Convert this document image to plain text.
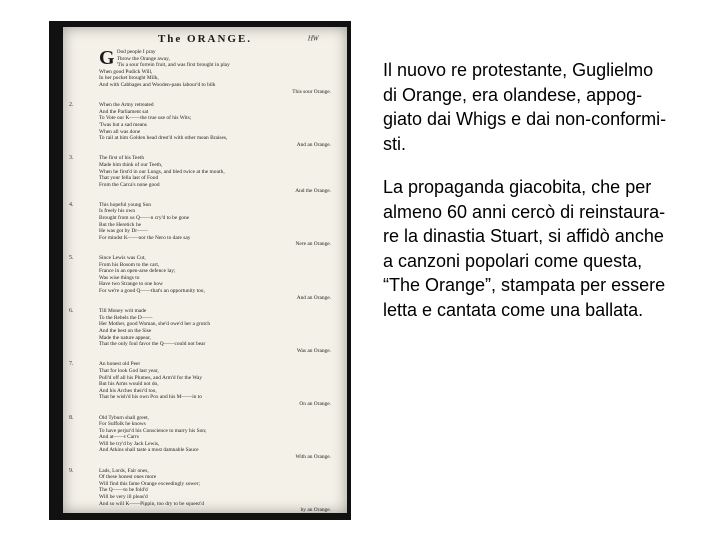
The ORANGE.	ᴴᵂ
G Ood people I pray
Throw the Orange away,
'Tis a sour forrein fruit, and was first brought in play
When good Pudick Will,
In her pocket brought Milk,
And with Cabbages and Wooden-pans labour'd to bilk
This sour Orange.
2.	When the Army retreated
And the Parliament sat
To Vote our K——the true use of his Wits;
'Twas but a sad means
When all was done
To rail at him Golden head drest'd with other mean Braises,
And an Orange.
3.	The first of his Teeth
Made him think of our Teeth,
When he first'd in our Lungs, and bled twice at the mouth,
That your fella last of Food
From the Carca's none good
And the Orange.
4.	This hopeful young Son
Is freely his own
Brought from us Q——n cry'd to be gone
But the Heretick he
He was got by Dr——
For mindst K——nor the Nero to dare say
Nere an Orange.
5.	Since Lewis was Cut,
From his Bosom to the cart,
France in an open-arse defence lay;
Was wise things to
Have two Strange to one how
For we're a good Q——that's an opportunity too,
And an Orange.
6.	Till Money writ made
To the Rebels the D——
Her Mother, good Woman, she'd owe'd her a grutch
And the best on the Sise
Made the nature appear,
That the only foul favor the Q——could not bear
Was an Orange.
7.	An honest old Peer
That for look God last year,
Pull'd off all his Plumes, and Arm'd for the Way
But his Arms would not do,
And his Arches their'd too,
That he wish'd his own Pox and his M——in to
On an Orange.
8.	Old Tyburn shall greet,
For Suffolk he knows
To have perjur'd his Conscience to marry his Son;
And at——t Carrs
Will be try'd by Jack Lewis,
And Atkins shall taste a most damnable Sauce
With an Orange.
9.	Lads, Lords, Fair ones,
Of these honest ones more
Will find this fame Orange exceedingly sower;
The Q——to be fold'd
Will be very ill pleas'd
And so will K——Pippin, too dry to be squeez'd
by an Orange.

Il nuovo re protestante, Guglielmo
di Orange, era olandese, appog-
giato dai Whigs e dai non-conformi-
sti.

La propaganda giacobita, che per
almeno 60 anni cercò di reinstaura-
re la dinastia Stuart, si affidò anche
a canzoni popolari come questa,
“The Orange”, stampata per essere
letta e cantata come una ballata.
